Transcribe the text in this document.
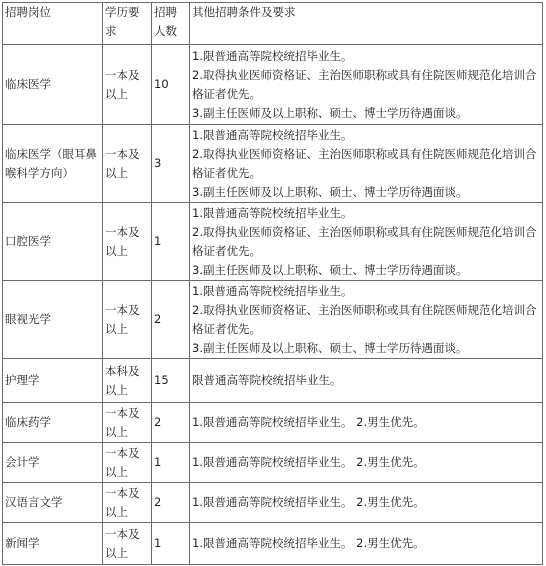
招聘岗位	学历要求	招聘人数	其他招聘条件及要求
临床医学	一本及以上	10	1.限普通高等院校统招毕业生。
2.取得执业医师资格证、主治医师职称或具有住院医师规范化培训合格证者优先。
3.副主任医师及以上职称、硕士、博士学历待遇面谈。

临床医学（眼耳鼻喉科学方向）	一本及以上	3	1.限普通高等院校统招毕业生。
2.取得执业医师资格证、主治医师职称或具有住院医师规范化培训合格证者优先。
3.副主任医师及以上职称、硕士、博士学历待遇面谈。

口腔医学	一本及以上	1	1.限普通高等院校统招毕业生。
2.取得执业医师资格证、主治医师职称或具有住院医师规范化培训合格证者优先。
3.副主任医师及以上职称、硕士、博士学历待遇面谈。

眼视光学	一本及以上	2	1.限普通高等院校统招毕业生。
2.取得执业医师资格证、主治医师职称或具有住院医师规范化培训合格证者优先。
3.副主任医师及以上职称、硕士、博士学历待遇面谈。

护理学	本科及以上	15	限普通高等院校统招毕业生。

临床药学	一本及以上	2	1.限普通高等院校统招毕业生。 2.男生优先。

会计学	一本及以上	1	1.限普通高等院校统招毕业生。 2.男生优先。

汉语言文学	一本及以上	2	1.限普通高等院校统招毕业生。 2.男生优先。

新闻学	一本及以上	1	1.限普通高等院校统招毕业生。 2.男生优先。
